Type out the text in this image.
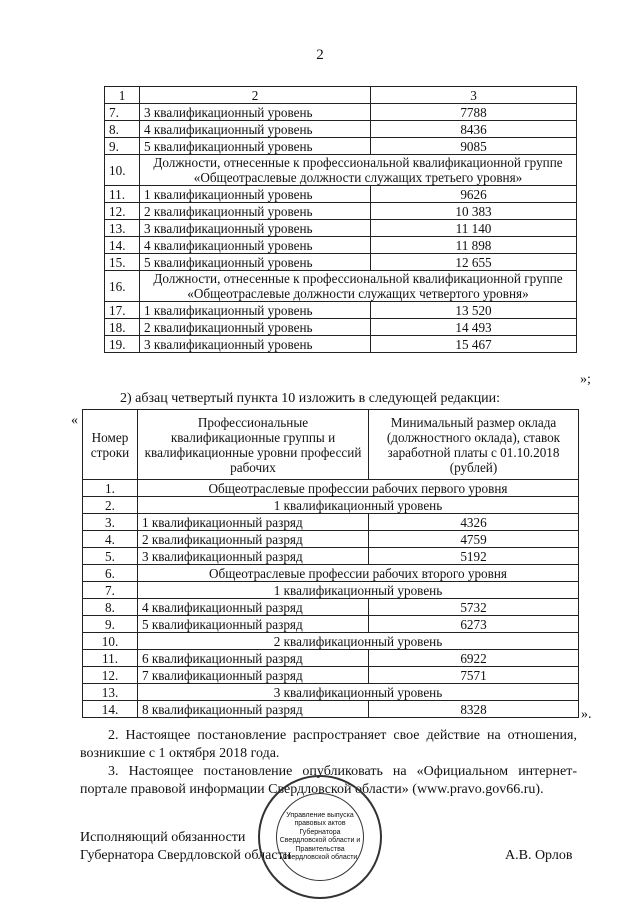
2
1	2	3
7.	3 квалификационный уровень	7788
8.	4 квалификационный уровень	8436
9.	5 квалификационный уровень	9085
10.	Должности, отнесенные к профессиональной квалификационной группе «Общеотраслевые должности служащих третьего уровня»	
11.	1 квалификационный уровень	9626
12.	2 квалификационный уровень	10 383
13.	3 квалификационный уровень	11 140
14.	4 квалификационный уровень	11 898
15.	5 квалификационный уровень	12 655
16.	Должности, отнесенные к профессиональной квалификационной группе «Общеотраслевые должности служащих четвертого уровня»	
17.	1 квалификационный уровень	13 520
18.	2 квалификационный уровень	14 493
19.	3 квалификационный уровень	15 467
»;
2) абзац четвертый пункта 10 изложить в следующей редакции:
«
Номер строки	Профессиональные квалификационные группы и квалификационные уровни профессий рабочих	Минимальный размер оклада (должностного оклада), ставок заработной платы с 01.10.2018 (рублей)
1.	Общеотраслевые профессии рабочих первого уровня	
2.	1 квалификационный уровень	
3.	1 квалификационный разряд	4326
4.	2 квалификационный разряд	4759
5.	3 квалификационный разряд	5192
6.	Общеотраслевые профессии рабочих второго уровня	
7.	1 квалификационный уровень	
8.	4 квалификационный разряд	5732
9.	5 квалификационный разряд	6273
10.	2 квалификационный уровень	
11.	6 квалификационный разряд	6922
12.	7 квалификационный разряд	7571
13.	3 квалификационный уровень	
14.	8 квалификационный разряд	8328	».
2. Настоящее постановление распространяет свое действие на отношения, возникшие с 1 октября 2018 года.
3. Настоящее постановление опубликовать на «Официальном интернет-портале правовой информации Свердловской области» (www.pravo.gov66.ru).
Исполняющий обязанности
Губернатора Свердловской области	А.В. Орлов
Управление выпуска правовых актов Губернатора Свердловской области и Правительства Свердловской области
